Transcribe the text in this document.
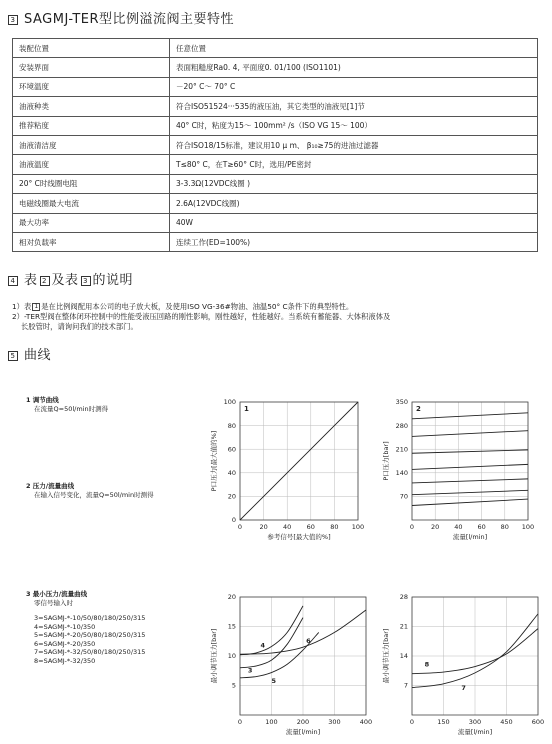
3 SAGMJ-TER型比例溢流阀主要特性
装配位置	任意位置
安装界面	表面粗糙度Ra0. 4, 平面度0. 01/100 (ISO1101)
环境温度	－20° C～ 70° C
油液种类	符合ISO51524···535的液压油，其它类型的油液见[1]节
推荐粘度	40° C时，粘度为15～ 100mm² /s（ISO VG 15～ 100）
油液清洁度	符合ISO18/15标准，建议用10 μ m、 β₁₀≥75的进油过滤器
油液温度	T≤80° C，在T≥60° C时，选用/PE密封
20° C时线圈电阻	3-3.3Ω(12VDC线圈 )
电磁线圈最大电流	2.6A(12VDC线圈)
最大功率	40W
相对负载率	连续工作(ED=100%)
4 表 2 及表 3 的说明
1）表 1 是在比例阀配用本公司的电子放大板，及使用ISO VG-36#物油、油温50° C条件下的典型特性。
2）-TER型阀在整体闭环控制中的性能受液压回路的刚性影响，刚性越好，性能越好。当系统有蓄能器、大体积液体及
长胶管时，请询问我们的技术部门。
5 曲线
1 调节曲线
在流量Q=50l/min时测得
2 压力/流量曲线
在输入信号变化，流量Q=50l/min时测得
3 最小压力/流量曲线
零信号输入时

3=SAGMJ-*-10/50/80/180/250/315
4=SAGMJ-*-10/350
5=SAGMJ-*-20/50/80/180/250/315
6=SAGMJ-*-20/350
7=SAGMJ-*-32/50/80/180/250/315
8=SAGMJ-*-32/350
0	20 40 60 80 100
0
20
40
60
80
100
1
参考信号[最大值的%]
P口压力[最大值的%]
0	20 40 60 80 100
70
140
210
280
350
2
流量[l/min]
P口压力[bar]
0	100	200	300	400
5
10
15
20
流量[l/min]
最小调节压力[bar]	3
4
5
6
0	150	300	450	600
7
14
21
28
流量[l/min]
最小调节压力[bar]
7
8
